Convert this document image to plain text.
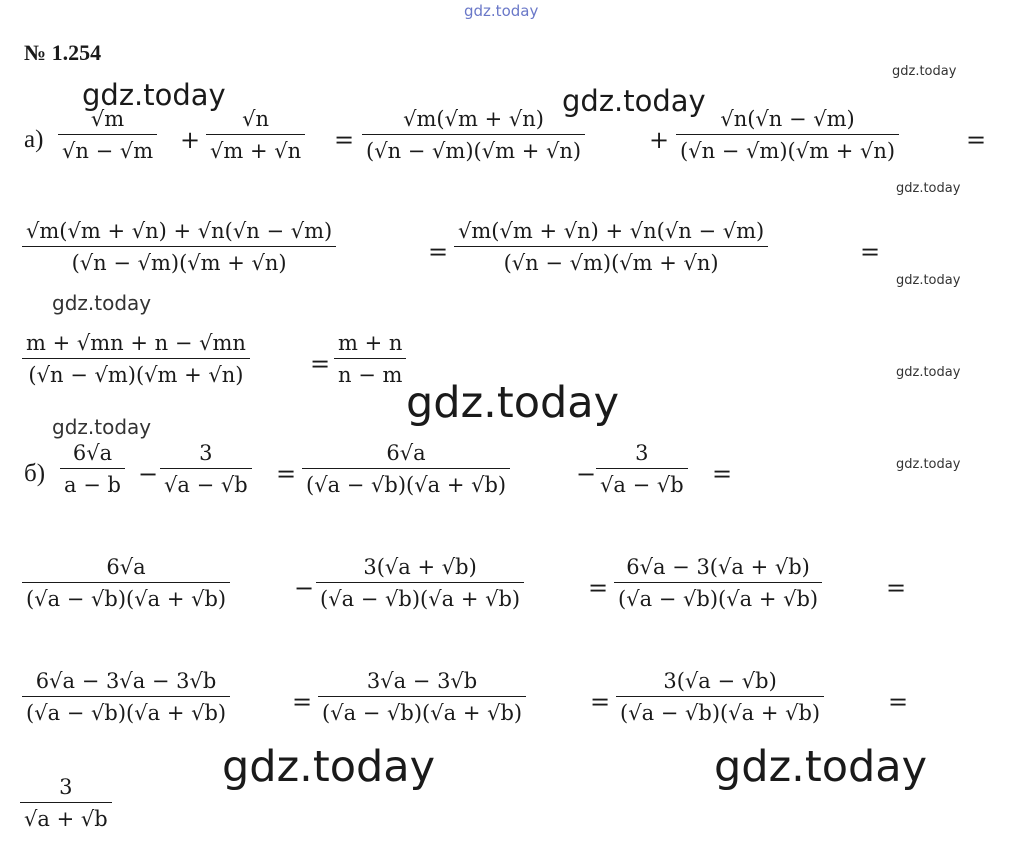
gdz.today
gdz.today
gdz.today	gdz.today
gdz.today
gdz.today
gdz.today
gdz.today
gdz.today
gdz.today
gdz.today
gdz.today	gdz.today
№ 1.254
$а) \frac{√m}{√n - √m} + \frac{√n}{√m + √n} = \frac{√m(√m + √n)}{(√n - √m)(√m + √n)}$	+ $\frac{√n(√n - √m)}{(√n - √m)(√m + √n)}$	=
$\frac{√m(√m + √n) + √n(√n - √m)}{(√n - √m)(√m + √n)}$	= $\frac{√m(√m + √n) + √n(√n - √m)}{(√n - √m)(√m + √n)}$	=
$\frac{m + √mn + n - √mn}{(√n - √m)(√m + √n)}$	= $\frac{m + n}{n - m}$
$б) \frac{6√a}{a - b} - \frac{3}{√a - √b} = \frac{6√a}{(√a - √b)(√a + √b)}$	− $\frac{3}{√a - √b}$ =
$\frac{6√a}{(√a - √b)(√a + √b)}$	− $\frac{3(√a + √b)}{(√a - √b)(√a + √b)}$	= $\frac{6√a - 3(√a + √b)}{(√a - √b)(√a + √b)}$	=
$\frac{6√a - 3√a - 3√b}{(√a - √b)(√a + √b)}$	= $\frac{3√a - 3√b}{(√a - √b)(√a + √b)}$	= $\frac{3(√a - √b)}{(√a - √b)(√a + √b)}$	=
$\frac{3}{√a + √b}$
